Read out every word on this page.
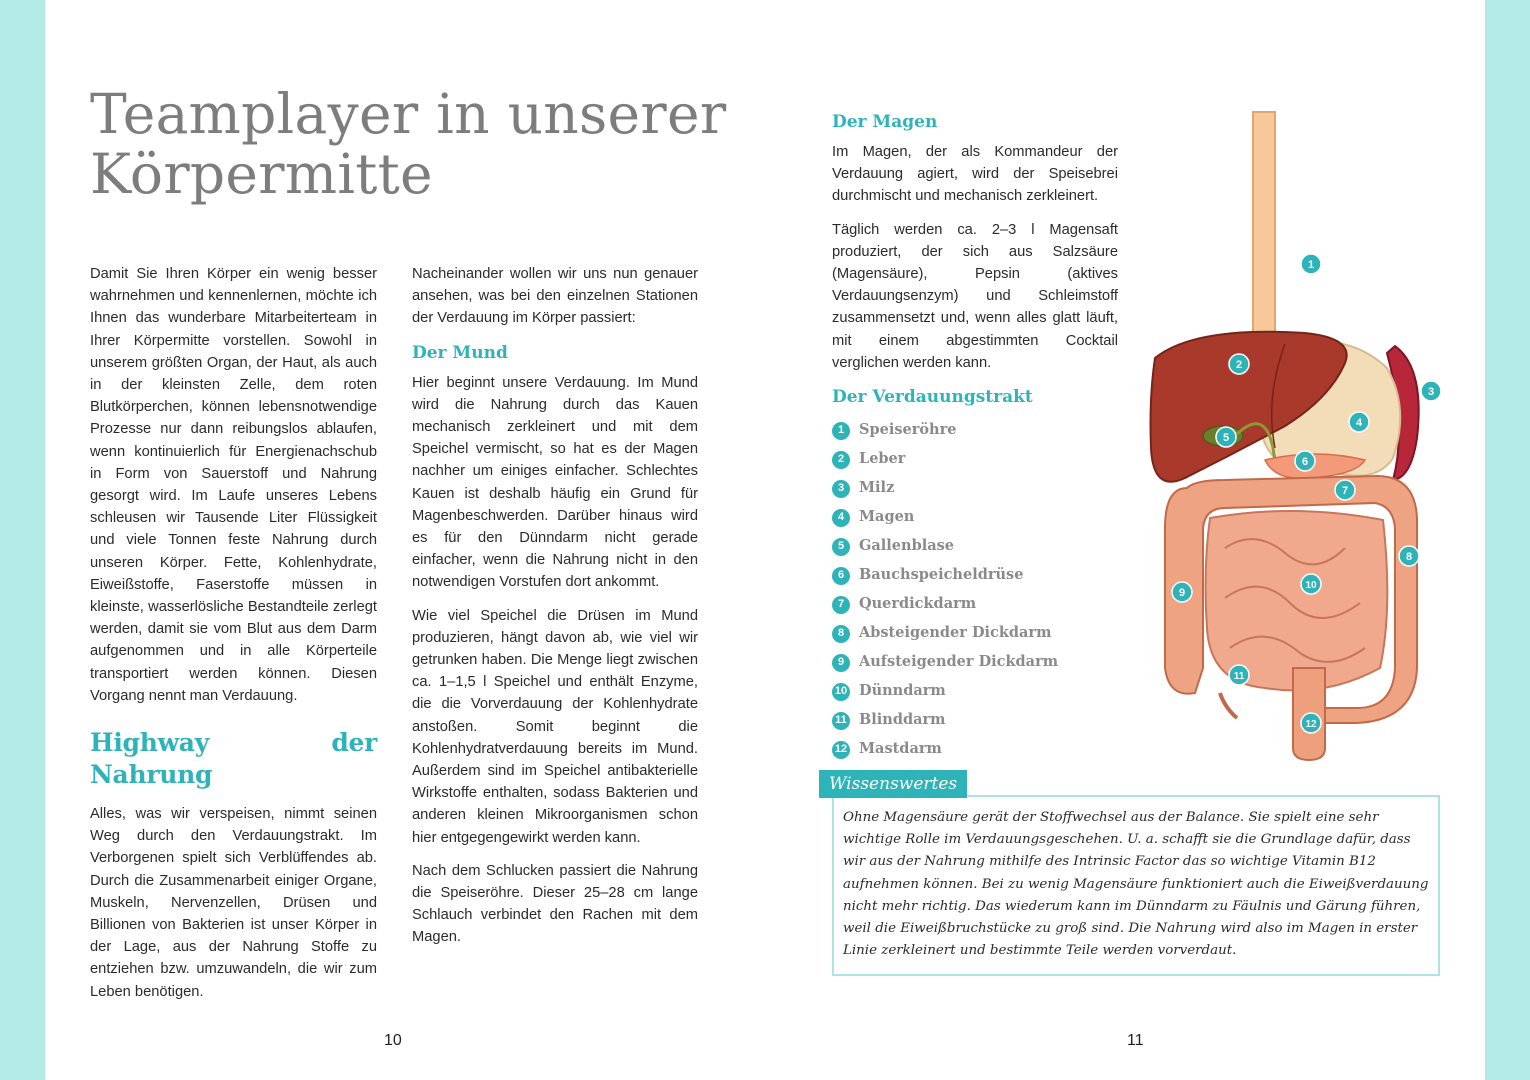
Teamplayer in unserer Körpermitte

Damit Sie Ihren Körper ein wenig besser wahrnehmen und kennenlernen, möchte ich Ihnen das wunderbare Mitarbeiterteam in Ihrer Körpermitte vorstellen. Sowohl in unserem größten Organ, der Haut, als auch in der kleinsten Zelle, dem roten Blutkörperchen, können lebensnotwendige Prozesse nur dann reibungslos ablaufen, wenn kontinuierlich für Energienachschub in Form von Sauerstoff und Nahrung gesorgt wird. Im Laufe unseres Lebens schleusen wir Tausende Liter Flüssigkeit und viele Tonnen feste Nahrung durch unseren Körper. Fette, Kohlenhydrate, Eiweißstoffe, Faserstoffe müssen in kleinste, wasserlösliche Bestandteile zerlegt werden, damit sie vom Blut aus dem Darm aufgenommen und in alle Körperteile transportiert werden können. Diesen Vorgang nennt man Verdauung.

Highway der Nahrung

Alles, was wir verspeisen, nimmt seinen Weg durch den Verdauungstrakt. Im Verborgenen spielt sich Verblüffendes ab. Durch die Zusammenarbeit einiger Organe, Muskeln, Nervenzellen, Drüsen und Billionen von Bakterien ist unser Körper in der Lage, aus der Nahrung Stoffe zu entziehen bzw. umzuwandeln, die wir zum Leben benötigen.

Nacheinander wollen wir uns nun genauer ansehen, was bei den einzelnen Stationen der Verdauung im Körper passiert:

Der Mund

Hier beginnt unsere Verdauung. Im Mund wird die Nahrung durch das Kauen mechanisch zerkleinert und mit dem Speichel vermischt, so hat es der Magen nachher um einiges einfacher. Schlechtes Kauen ist deshalb häufig ein Grund für Magenbeschwerden. Darüber hinaus wird es für den Dünndarm nicht gerade einfacher, wenn die Nahrung nicht in den notwendigen Vorstufen dort ankommt.

Wie viel Speichel die Drüsen im Mund produzieren, hängt davon ab, wie viel wir getrunken haben. Die Menge liegt zwischen ca. 1–1,5 l Speichel und enthält Enzyme, die die Vorverdauung der Kohlenhydrate anstoßen. Somit beginnt die Kohlenhydratverdauung bereits im Mund. Außerdem sind im Speichel antibakterielle Wirkstoffe enthalten, sodass Bakterien und anderen kleinen Mikroorganismen schon hier entgegengewirkt werden kann.

Nach dem Schlucken passiert die Nahrung die Speiseröhre. Dieser 25–28 cm lange Schlauch verbindet den Rachen mit dem Magen.

Der Magen

Im Magen, der als Kommandeur der Verdauung agiert, wird der Speisebrei durchmischt und mechanisch zerkleinert.

Täglich werden ca. 2–3 l Magensaft produziert, der sich aus Salzsäure (Magensäure), Pepsin (aktives Verdauungsenzym) und Schleimstoff zusammensetzt und, wenn alles glatt läuft, mit einem abgestimmten Cocktail verglichen werden kann.

Der Verdauungstrakt
1	Speiseröhre
2	Leber
3	Milz
4	Magen
5	Gallenblase
6	Bauchspeicheldrüse
7	Querdickdarm
8	Absteigender Dickdarm
9	Aufsteigender Dickdarm
10 Dünndarm
11 Blinddarm
12 Mastdarm
1
2
3
4
5
6
7
8
9
10
11
12

Ohne Magensäure gerät der Stoffwechsel aus der Balance. Sie spielt eine sehr wichtige Rolle im Verdauungsgeschehen. U. a. schafft sie die Grundlage dafür, dass wir aus der Nahrung mithilfe des Intrinsic Factor das so wichtige Vitamin B12 aufnehmen können. Bei zu wenig Magensäure funktioniert auch die Eiweißverdauung nicht mehr richtig. Das wiederum kann im Dünndarm zu Fäulnis und Gärung führen, weil die Eiweißbruchstücke zu groß sind. Die Nahrung wird also im Magen in erster Linie zerkleinert und bestimmte Teile werden vorverdaut.

Wissenswertes
10	11
